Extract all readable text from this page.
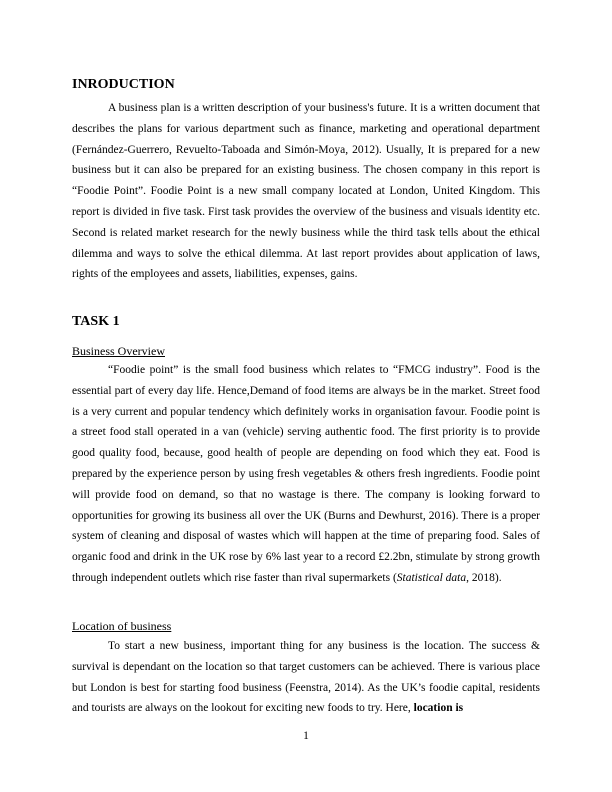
INRODUCTION

A business plan is a written description of your business's future. It is a written document that describes the plans for various department such as finance, marketing and operational department (Fernández-Guerrero, Revuelto-Taboada and Simón-Moya, 2012). Usually, It is prepared for a new business but it can also be prepared for an existing business. The chosen company in this report is “Foodie Point”. Foodie Point is a new small company located at London, United Kingdom. This report is divided in five task. First task provides the overview of the business and visuals identity etc. Second is related market research for the newly business while the third task tells about the ethical dilemma and ways to solve the ethical dilemma. At last report provides about application of laws, rights of the employees and assets, liabilities, expenses, gains.

TASK 1

Business Overview

“Foodie point” is the small food business which relates to “FMCG industry”. Food is the essential part of every day life. Hence,Demand of food items are always be in the market. Street food is a very current and popular tendency which definitely works in organisation favour. Foodie point is a street food stall operated in a van (vehicle) serving authentic food. The first priority is to provide good quality food, because, good health of people are depending on food which they eat. Food is prepared by the experience person by using fresh vegetables & others fresh ingredients. Foodie point will provide food on demand, so that no wastage is there. The company is looking forward to opportunities for growing its business all over the UK (Burns and Dewhurst, 2016). There is a proper system of cleaning and disposal of wastes which will happen at the time of preparing food. Sales of organic food and drink in the UK rose by 6% last year to a record £2.2bn, stimulate by strong growth through independent outlets which rise faster than rival supermarkets (Statistical data, 2018).

Location of business

To start a new business, important thing for any business is the location. The success & survival is dependant on the location so that target customers can be achieved. There is various place but London is best for starting food business (Feenstra, 2014). As the UK’s foodie capital, residents and tourists are always on the lookout for exciting new foods to try. Here, location is

1
